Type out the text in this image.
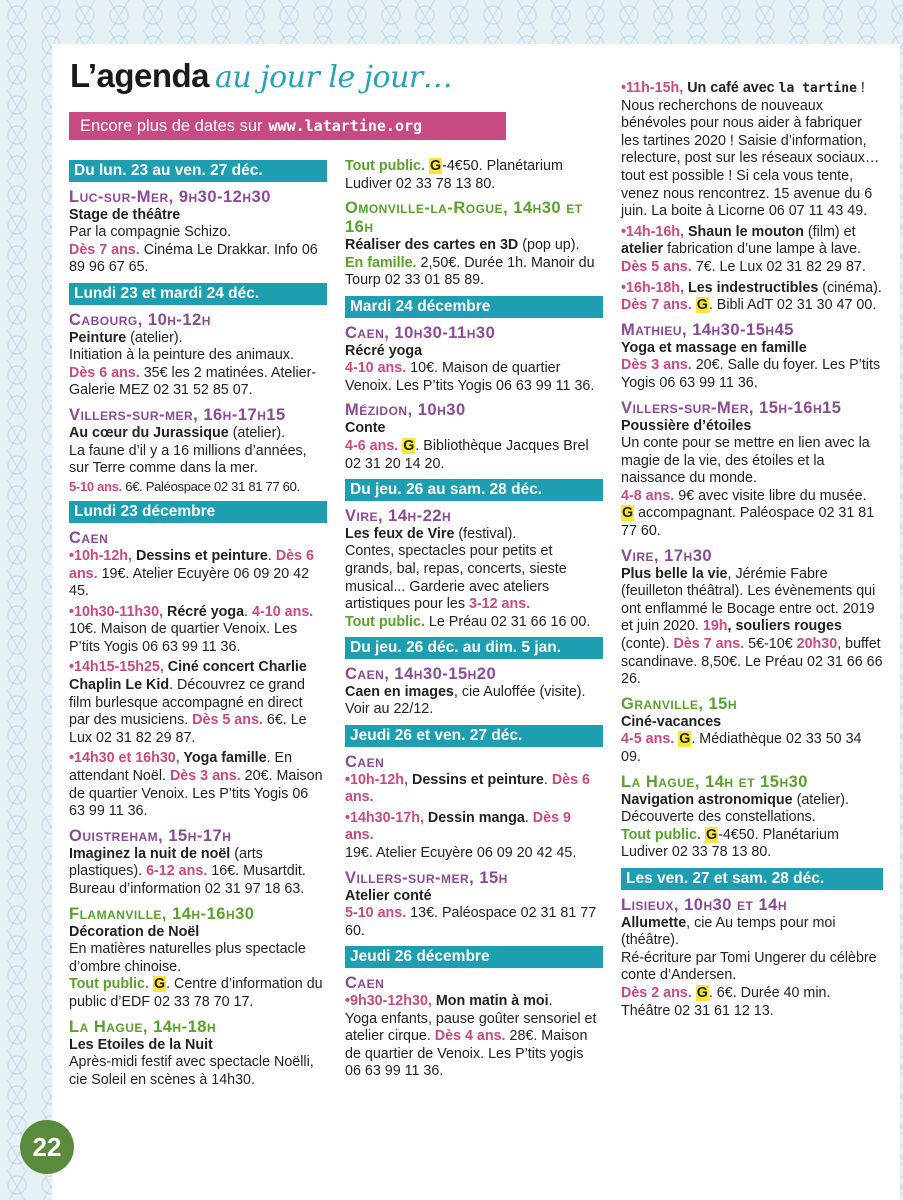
L’agenda au jour le jour…
Encore plus de dates sur www.latartine.org
Du lun. 23 au ven. 27 déc.
Luc-sur-Mer, 9h30-12h30

Stage de théâtre

Par la compagnie Schizo.

Dès 7 ans. Cinéma Le Drakkar. Info 06 89 96 67 65.

Lundi 23 et mardi 24 déc.
Cabourg, 10h-12h

Peinture (atelier).

Initiation à la peinture des animaux.

Dès 6 ans. 35€ les 2 matinées. Atelier-Galerie MEZ 02 31 52 85 07.

Villers-sur-mer, 16h-17h15

Au cœur du Jurassique (atelier).

La faune d’il y a 16 millions d’années, sur Terre comme dans la mer.

5-10 ans. 6€. Paléospace 02 31 81 77 60.

Lundi 23 décembre
Caen

•10h-12h, Dessins et peinture. Dès 6 ans. 19€. Atelier Ecuyère 06 09 20 42 45.

•10h30-11h30, Récré yoga. 4-10 ans. 10€. Maison de quartier Venoix. Les P’tits Yogis 06 63 99 11 36.

•14h15-15h25, Ciné concert Charlie Chaplin Le Kid. Découvrez ce grand film burlesque accompagné en direct par des musiciens. Dès 5 ans. 6€. Le Lux 02 31 82 29 87.

•14h30 et 16h30, Yoga famille. En attendant Noël. Dès 3 ans. 20€. Maison de quartier Venoix. Les P’tits Yogis 06 63 99 11 36.

Ouistreham, 15h-17h

Imaginez la nuit de noël (arts plastiques). 6-12 ans. 16€. Musartdit. Bureau d’information 02 31 97 18 63.

Flamanville, 14h-16h30

Décoration de Noël

En matières naturelles plus spectacle d’ombre chinoise.

Tout public. G. Centre d’information du public d’EDF 02 33 78 70 17.

La Hague, 14h-18h

Les Etoiles de la Nuit

Après-midi festif avec spectacle Noëlli, cie Soleil en scènes à 14h30.

Tout public. G-4€50. Planétarium Ludiver 02 33 78 13 80.

Omonville-la-Rogue, 14h30 et 16h

Réaliser des cartes en 3D (pop up).

En famille. 2,50€. Durée 1h. Manoir du Tourp 02 33 01 85 89.

Mardi 24 décembre
Caen, 10h30-11h30

Récré yoga

4-10 ans. 10€. Maison de quartier Venoix. Les P’tits Yogis 06 63 99 11 36.

Mézidon, 10h30

Conte

4-6 ans. G. Bibliothèque Jacques Brel 02 31 20 14 20.

Du jeu. 26 au sam. 28 déc.
Vire, 14h-22h

Les feux de Vire (festival).

Contes, spectacles pour petits et grands, bal, repas, concerts, sieste musical... Garderie avec ateliers artistiques pour les 3-12 ans.

Tout public. Le Préau 02 31 66 16 00.

Du jeu. 26 déc. au dim. 5 jan.
Caen, 14h30-15h20

Caen en images, cie Auloffée (visite). Voir au 22/12.

Jeudi 26 et ven. 27 déc.
Caen

•10h-12h, Dessins et peinture. Dès 6 ans.

•14h30-17h, Dessin manga. Dès 9 ans.

19€. Atelier Ecuyère 06 09 20 42 45.

Villers-sur-mer, 15h

Atelier conté

5-10 ans. 13€. Paléospace 02 31 81 77 60.

Jeudi 26 décembre
Caen

•9h30-12h30, Mon matin à moi.

Yoga enfants, pause goûter sensoriel et atelier cirque. Dès 4 ans. 28€. Maison de quartier de Venoix. Les P’tits yogis 06 63 99 11 36.

•11h-15h, Un café avec la tartine ! Nous recherchons de nouveaux bénévoles pour nous aider à fabriquer les tartines 2020 ! Saisie d’information, relecture, post sur les réseaux sociaux… tout est possible ! Si cela vous tente, venez nous rencontrez. 15 avenue du 6 juin. La boite à Licorne 06 07 11 43 49.

•14h-16h, Shaun le mouton (film) et atelier fabrication d’une lampe à lave. Dès 5 ans. 7€. Le Lux 02 31 82 29 87.

•16h-18h, Les indestructibles (cinéma). Dès 7 ans. G. Bibli AdT 02 31 30 47 00.

Mathieu, 14h30-15h45

Yoga et massage en famille

Dès 3 ans. 20€. Salle du foyer. Les P’tits Yogis 06 63 99 11 36.

Villers-sur-Mer, 15h-16h15

Poussière d’étoiles

Un conte pour se mettre en lien avec la magie de la vie, des étoiles et la naissance du monde.

4-8 ans. 9€ avec visite libre du musée. G accompagnant. Paléospace 02 31 81 77 60.

Vire, 17h30

Plus belle la vie, Jérémie Fabre (feuilleton théâtral). Les évènements qui ont enflammé le Bocage entre oct. 2019 et juin 2020. 19h, souliers rouges (conte). Dès 7 ans. 5€-10€ 20h30, buffet scandinave. 8,50€. Le Préau 02 31 66 66 26.

Granville, 15h

Ciné-vacances

4-5 ans. G. Médiathèque 02 33 50 34 09.

La Hague, 14h et 15h30

Navigation astronomique (atelier).

Découverte des constellations.

Tout public. G-4€50. Planétarium Ludiver 02 33 78 13 80.

Les ven. 27 et sam. 28 déc.
Lisieux, 10h30 et 14h

Allumette, cie Au temps pour moi (théâtre).

Ré-écriture par Tomi Ungerer du célèbre conte d’Andersen.

Dès 2 ans. G. 6€. Durée 40 min. Théâtre 02 31 61 12 13.

22
